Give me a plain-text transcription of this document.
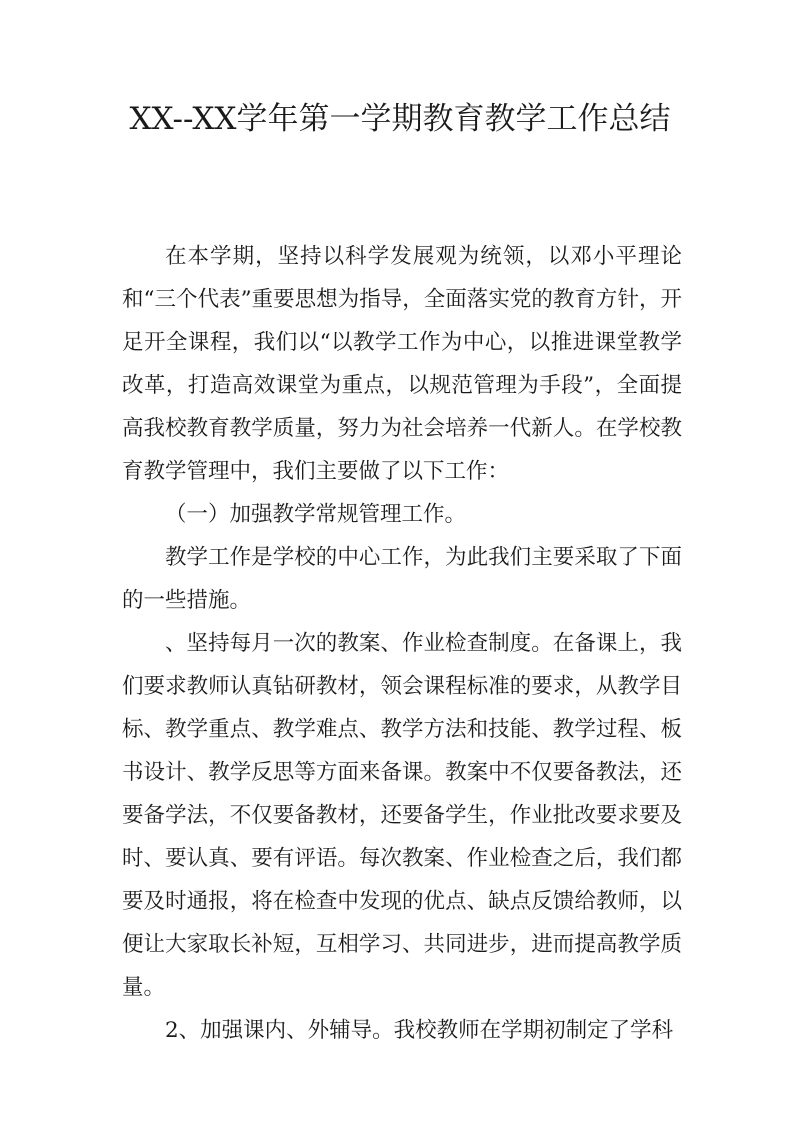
XX--XX学年第一学期教育教学工作总结

在本学期，坚持以科学发展观为统领，以邓小平理论和“三个代表”重要思想为指导，全面落实党的教育方针，开足开全课程，我们以“以教学工作为中心，以推进课堂教学改革，打造高效课堂为重点，以规范管理为手段”，全面提高我校教育教学质量，努力为社会培养一代新人。在学校教育教学管理中，我们主要做了以下工作：

（一）加强教学常规管理工作。

教学工作是学校的中心工作，为此我们主要采取了下面的一些措施。

、坚持每月一次的教案、作业检查制度。在备课上，我们要求教师认真钻研教材，领会课程标准的要求，从教学目标、教学重点、教学难点、教学方法和技能、教学过程、板书设计、教学反思等方面来备课。教案中不仅要备教法，还要备学法，不仅要备教材，还要备学生，作业批改要求要及时、要认真、要有评语。每次教案、作业检查之后，我们都要及时通报，将在检查中发现的优点、缺点反馈给教师，以便让大家取长补短，互相学习、共同进步，进而提高教学质量。

2、加强课内、外辅导。我校教师在学期初制定了学科
